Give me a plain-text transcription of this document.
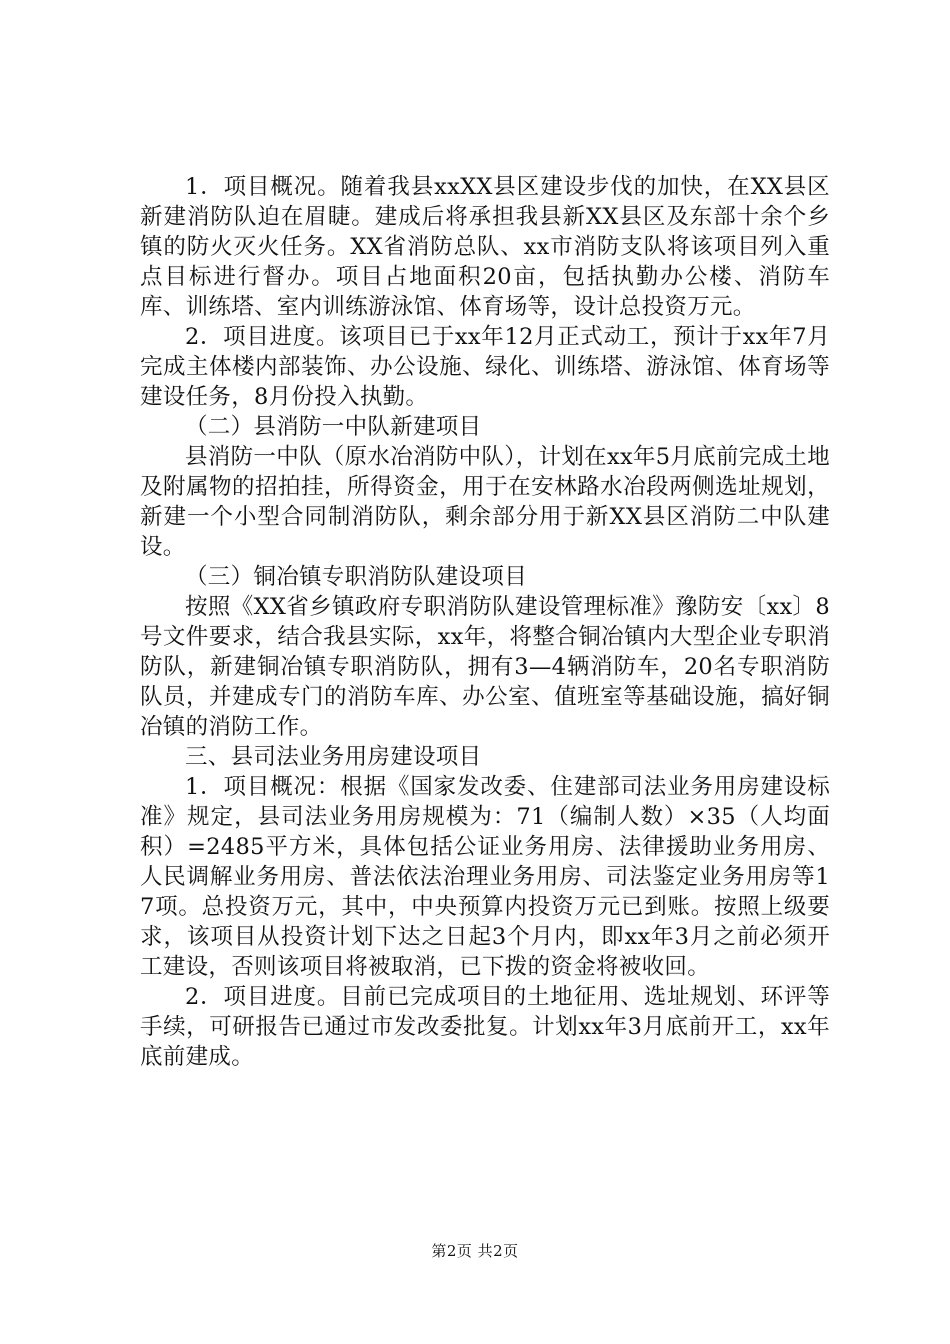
1．项目概况。随着我县xxXX县区建设步伐的加快，在XX县区新建消防队迫在眉睫。建成后将承担我县新XX县区及东部十余个乡镇的防火灭火任务。XX省消防总队、xx市消防支队将该项目列入重点目标进行督办。项目占地面积20亩，包括执勤办公楼、消防车库、训练塔、室内训练游泳馆、体育场等，设计总投资万元。

2．项目进度。该项目已于xx年12月正式动工，预计于xx年7月完成主体楼内部装饰、办公设施、绿化、训练塔、游泳馆、体育场等建设任务，8月份投入执勤。

（二）县消防一中队新建项目

县消防一中队（原水冶消防中队），计划在xx年5月底前完成土地及附属物的招拍挂，所得资金，用于在安林路水冶段两侧选址规划，新建一个小型合同制消防队，剩余部分用于新XX县区消防二中队建设。

（三）铜冶镇专职消防队建设项目

按照《XX省乡镇政府专职消防队建设管理标准》豫防安〔xx〕8号文件要求，结合我县实际，xx年，将整合铜冶镇内大型企业专职消防队，新建铜冶镇专职消防队，拥有3—4辆消防车，20名专职消防队员，并建成专门的消防车库、办公室、值班室等基础设施，搞好铜冶镇的消防工作。

三、县司法业务用房建设项目

1．项目概况：根据《国家发改委、住建部司法业务用房建设标准》规定，县司法业务用房规模为：71（编制人数）×35（人均面积）=2485平方米，具体包括公证业务用房、法律援助业务用房、人民调解业务用房、普法依法治理业务用房、司法鉴定业务用房等17项。总投资万元，其中，中央预算内投资万元已到账。按照上级要求，该项目从投资计划下达之日起3个月内，即xx年3月之前必须开工建设，否则该项目将被取消，已下拨的资金将被收回。

2．项目进度。目前已完成项目的土地征用、选址规划、环评等手续，可研报告已通过市发改委批复。计划xx年3月底前开工，xx年底前建成。

第2页 共2页
